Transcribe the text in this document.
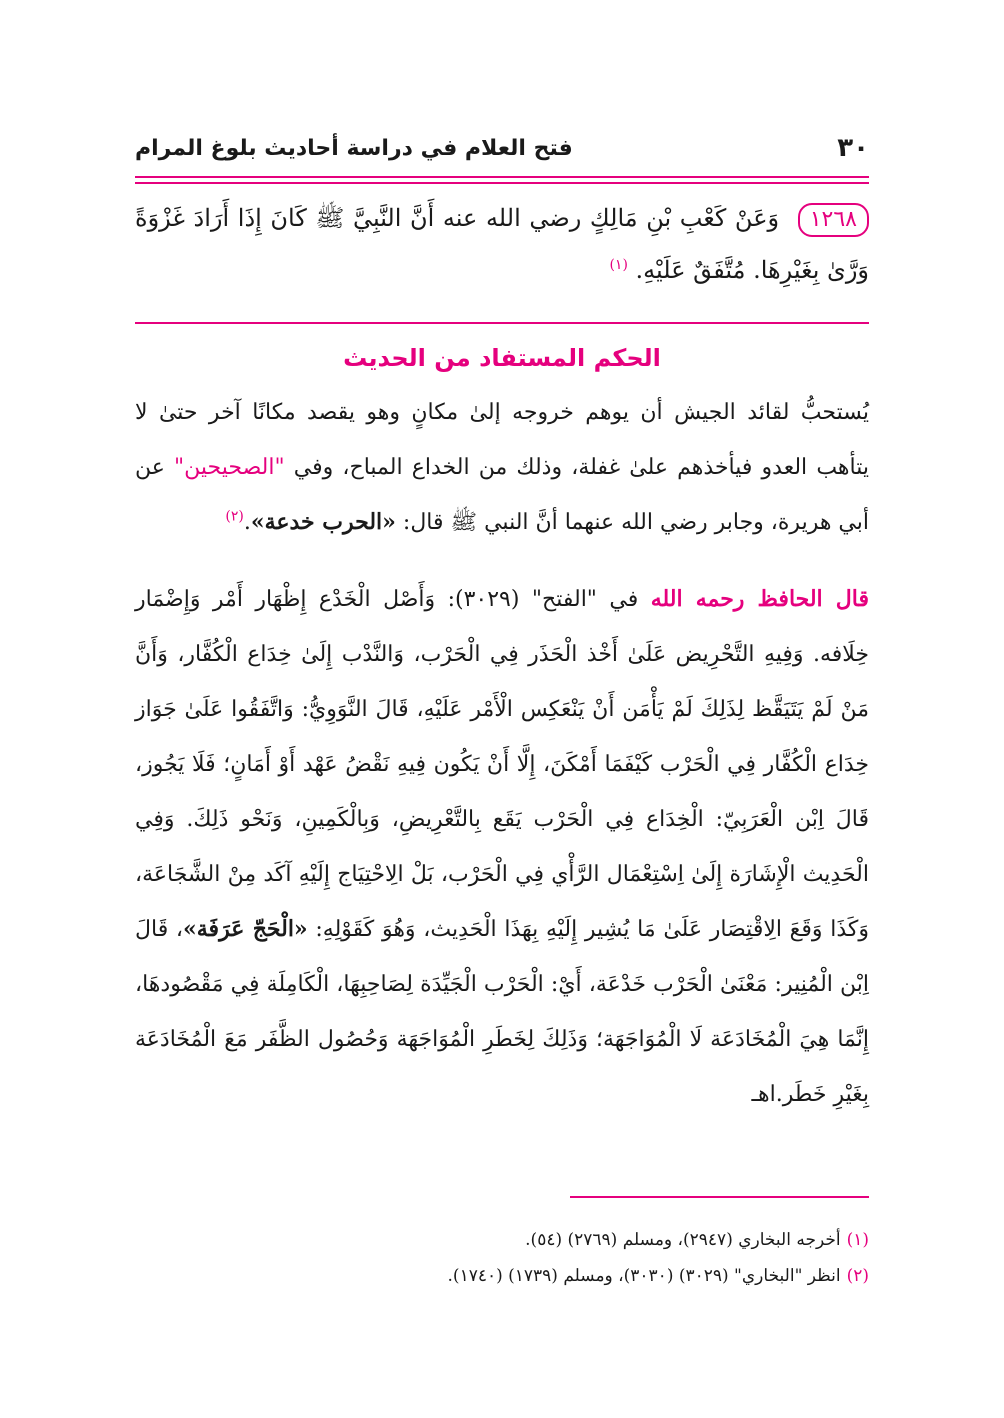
٣٠
فتح العلام في دراسة أحاديث بلوغ المرام
١٢٦٨ وَعَنْ كَعْبِ بْنِ مَالِكٍ رضي الله عنه أَنَّ النَّبِيَّ ﷺ كَانَ إِذَا أَرَادَ غَزْوَةً وَرَّىٰ بِغَيْرِهَا. مُتَّفَقٌ عَلَيْهِ. $^{(١)}$
الحكم المستفاد من الحديث
يُستحبُّ لقائد الجيش أن يوهم خروجه إلىٰ مكانٍ وهو يقصد مكانًا آخر حتىٰ لا يتأهب العدو فيأخذهم علىٰ غفلة، وذلك من الخداع المباح، وفي "الصحيحين" عن أبي هريرة، وجابر رضي الله عنهما أنَّ النبي ﷺ قال: «الحرب خدعة».$^{(٢)}$
قال الحافظ رحمه الله في "الفتح" (٣٠٢٩): وَأَصْل الْخَدْع إِظْهَار أَمْر وَإِضْمَار خِلَافه. وَفِيهِ التَّحْرِيض عَلَىٰ أَخْذ الْحَذَر فِي الْحَرْب، وَالنَّدْب إِلَىٰ خِدَاع الْكُفَّار، وَأَنَّ مَنْ لَمْ يَتَيَقَّظ لِذَلِكَ لَمْ يَأْمَن أَنْ يَنْعَكِس الْأَمْر عَلَيْهِ، قَالَ النَّوَوِيُّ: وَاتَّفَقُوا عَلَىٰ جَوَاز خِدَاع الْكُفَّار فِي الْحَرْب كَيْفَمَا أَمْكَنَ، إِلَّا أَنْ يَكُون فِيهِ نَقْضُ عَهْد أَوْ أَمَانٍ؛ فَلَا يَجُوز، قَالَ اِبْن الْعَرَبِيّ: الْخِدَاع فِي الْحَرْب يَقَع بِالتَّعْرِيضِ، وَبِالْكَمِينِ، وَنَحْو ذَلِكَ. وَفِي الْحَدِيث الْإِشَارَة إِلَىٰ اِسْتِعْمَال الرَّأْي فِي الْحَرْب، بَلْ الِاحْتِيَاج إِلَيْهِ آكَد مِنْ الشَّجَاعَة، وَكَذَا وَقَعَ الِاقْتِصَار عَلَىٰ مَا يُشِير إِلَيْهِ بِهَذَا الْحَدِيث، وَهُوَ كَقَوْلِهِ: «الْحَجّ عَرَفَة»، قَالَ اِبْن الْمُنِير: مَعْنَىٰ الْحَرْب خَدْعَة، أَيْ: الْحَرْب الْجَيِّدَة لِصَاحِبِهَا، الْكَامِلَة فِي مَقْصُودهَا، إِنَّمَا هِيَ الْمُخَادَعَة لَا الْمُوَاجَهَة؛ وَذَلِكَ لِخَطَرِ الْمُوَاجَهَة وَحُصُول الظَّفَر مَعَ الْمُخَادَعَة بِغَيْرِ خَطَر.اهـ
(١)أخرجه البخاري (٢٩٤٧)، ومسلم (٢٧٦٩) (٥٤).
(٢)انظر "البخاري" (٣٠٢٩) (٣٠٣٠)، ومسلم (١٧٣٩) (١٧٤٠).
